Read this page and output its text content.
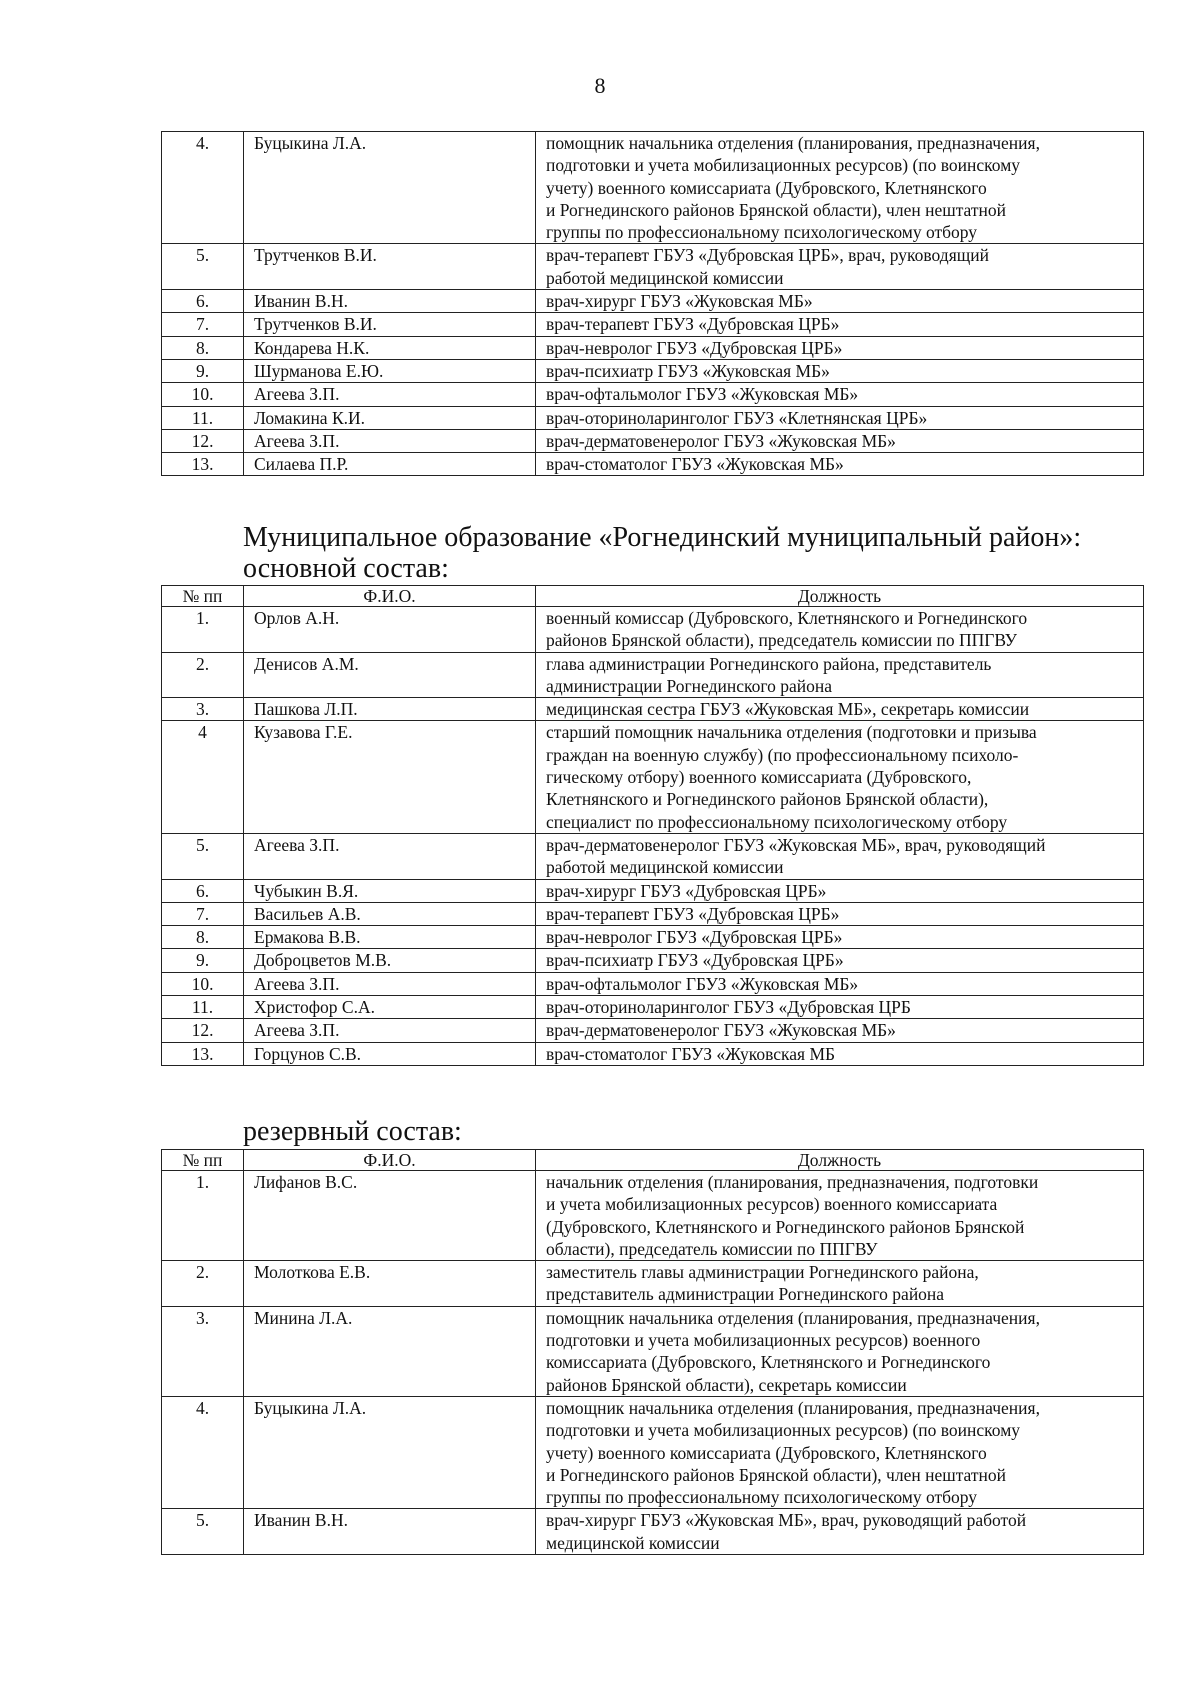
8
4.	Буцыкина Л.А.	помощник начальника отделения (планирования, предназначения,
подготовки и учета мобилизационных ресурсов) (по воинскому
учету) военного комиссариата (Дубровского, Клетнянского
и Рогнединского районов Брянской области), член нештатной
группы по профессиональному психологическому отбору

5.	Трутченков В.И.	врач-терапевт ГБУЗ «Дубровская ЦРБ», врач, руководящий
работой медицинской комиссии

6.	Иванин В.Н.	врач-хирург ГБУЗ «Жуковская МБ»

7.	Трутченков В.И.	врач-терапевт ГБУЗ «Дубровская ЦРБ»

8.	Кондарева Н.К.	врач-невролог ГБУЗ «Дубровская ЦРБ»

9.	Шурманова Е.Ю.	врач-психиатр ГБУЗ «Жуковская МБ»

10.	Агеева З.П.	врач-офтальмолог ГБУЗ «Жуковская МБ»

11.	Ломакина К.И.	врач-оториноларинголог ГБУЗ «Клетнянская ЦРБ»

12.	Агеева З.П.	врач-дерматовенеролог ГБУЗ «Жуковская МБ»

13.	Силаева П.Р.	врач-стоматолог ГБУЗ «Жуковская МБ»

Муниципальное образование «Рогнединский муниципальный район»:

основной состав:

№ пп	Ф.И.О.	Должность
1.	Орлов А.Н.	военный комиссар (Дубровского, Клетнянского и Рогнединского
районов Брянской области), председатель комиссии по ППГВУ

2.	Денисов А.М.	глава администрации Рогнединского района, представитель
администрации Рогнединского района

3.	Пашкова Л.П.	медицинская сестра ГБУЗ «Жуковская МБ», секретарь комиссии

4	Кузавова Г.Е.	старший помощник начальника отделения (подготовки и призыва
граждан на военную службу) (по профессиональному психоло-
гическому отбору) военного комиссариата (Дубровского,
Клетнянского и Рогнединского районов Брянской области),
специалист по профессиональному психологическому отбору

5.	Агеева З.П.	врач-дерматовенеролог ГБУЗ «Жуковская МБ», врач, руководящий
работой медицинской комиссии

6.	Чубыкин В.Я.	врач-хирург ГБУЗ «Дубровская ЦРБ»

7.	Васильев А.В.	врач-терапевт ГБУЗ «Дубровская ЦРБ»

8.	Ермакова В.В.	врач-невролог ГБУЗ «Дубровская ЦРБ»

9.	Доброцветов М.В.	врач-психиатр ГБУЗ «Дубровская ЦРБ»

10.	Агеева З.П.	врач-офтальмолог ГБУЗ «Жуковская МБ»

11.	Христофор С.А.	врач-оториноларинголог ГБУЗ «Дубровская ЦРБ

12.	Агеева З.П.	врач-дерматовенеролог ГБУЗ «Жуковская МБ»

13.	Горцунов С.В.	врач-стоматолог ГБУЗ «Жуковская МБ

резервный состав:

№ пп	Ф.И.О.	Должность
1.	Лифанов В.С.	начальник отделения (планирования, предназначения, подготовки
и учета мобилизационных ресурсов) военного комиссариата
(Дубровского, Клетнянского и Рогнединского районов Брянской
области), председатель комиссии по ППГВУ

2.	Молоткова Е.В.	заместитель главы администрации Рогнединского района,
представитель администрации Рогнединского района

3.	Минина Л.А.	помощник начальника отделения (планирования, предназначения,
подготовки и учета мобилизационных ресурсов) военного
комиссариата (Дубровского, Клетнянского и Рогнединского
районов Брянской области), секретарь комиссии

4.	Буцыкина Л.А.	помощник начальника отделения (планирования, предназначения,
подготовки и учета мобилизационных ресурсов) (по воинскому
учету) военного комиссариата (Дубровского, Клетнянского
и Рогнединского районов Брянской области), член нештатной
группы по профессиональному психологическому отбору

5.	Иванин В.Н.	врач-хирург ГБУЗ «Жуковская МБ», врач, руководящий работой
медицинской комиссии
